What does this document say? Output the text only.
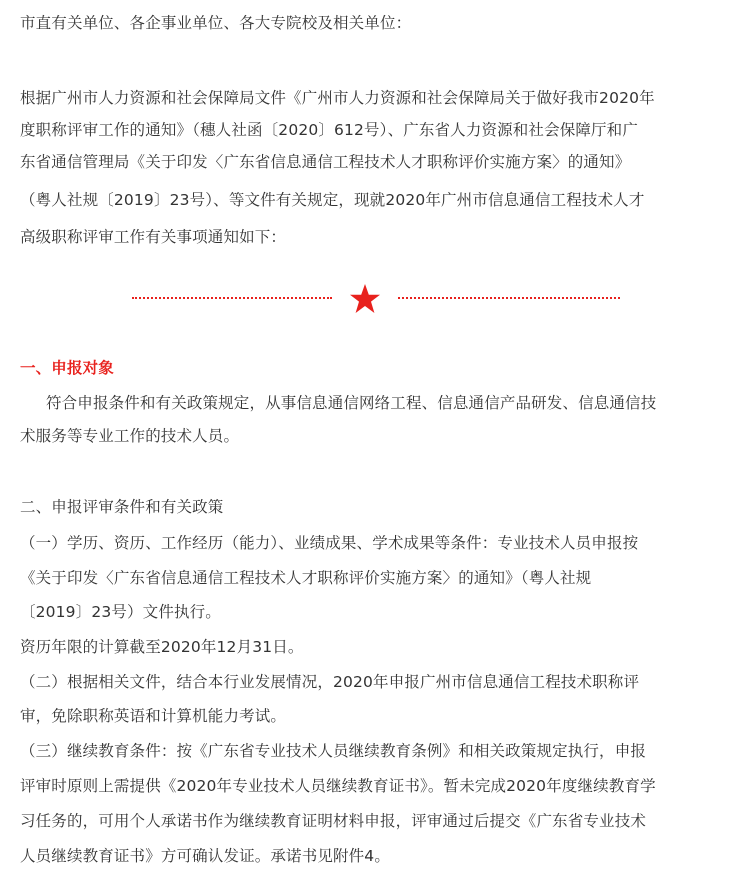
市直有关单位、各企事业单位、各大专院校及相关单位：
根据广州市人力资源和社会保障局文件《广州市人力资源和社会保障局关于做好我市2020年
度职称评审工作的通知》（穗人社函〔2020〕612号）、广东省人力资源和社会保障厅和广
东省通信管理局《关于印发〈广东省信息通信工程技术人才职称评价实施方案〉的通知》
（粤人社规〔2019〕23号）、等文件有关规定，现就2020年广州市信息通信工程技术人才
高级职称评审工作有关事项通知如下：
一、申报对象
符合申报条件和有关政策规定，从事信息通信网络工程、信息通信产品研发、信息通信技
术服务等专业工作的技术人员。
二、申报评审条件和有关政策
（一）学历、资历、工作经历（能力）、业绩成果、学术成果等条件：专业技术人员申报按
《关于印发〈广东省信息通信工程技术人才职称评价实施方案〉的通知》（粤人社规
〔2019〕23号）文件执行。
资历年限的计算截至2020年12月31日。
（二）根据相关文件，结合本行业发展情况，2020年申报广州市信息通信工程技术职称评
审，免除职称英语和计算机能力考试。
（三）继续教育条件：按《广东省专业技术人员继续教育条例》和相关政策规定执行，申报
评审时原则上需提供《2020年专业技术人员继续教育证书》。暂未完成2020年度继续教育学
习任务的，可用个人承诺书作为继续教育证明材料申报，评审通过后提交《广东省专业技术
人员继续教育证书》方可确认发证。承诺书见附件4。
